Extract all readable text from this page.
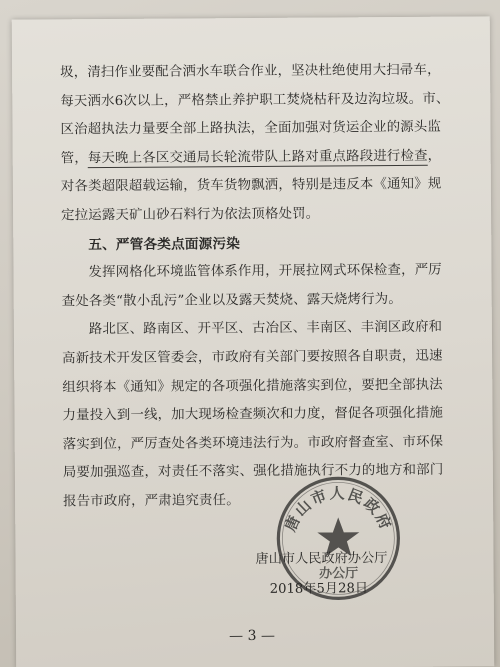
圾，清扫作业要配合洒水车联合作业，坚决杜绝使用大扫帚车，
每天洒水6次以上，严格禁止养护职工焚烧枯秆及边沟垃圾。市、
区治超执法力量要全部上路执法，全面加强对货运企业的源头监
管，每天晚上各区交通局长轮流带队上路对重点路段进行检查，
对各类超限超载运输，货车货物飘洒，特别是违反本《通知》规
定拉运露天矿山砂石料行为依法顶格处罚。
五、严管各类点面源污染
发挥网格化环境监管体系作用，开展拉网式环保检查，严厉
查处各类“散小乱污”企业以及露天焚烧、露天烧烤行为。
路北区、路南区、开平区、古冶区、丰南区、丰润区政府和
高新技术开发区管委会，市政府有关部门要按照各自职责，迅速
组织将本《通知》规定的各项强化措施落实到位，要把全部执法
力量投入到一线，加大现场检查频次和力度，督促各项强化措施
落实到位，严厉查处各类环境违法行为。市政府督查室、市环保
局要加强巡查，对责任不落实、强化措施执行不力的地方和部门
报告市政府，严肃追究责任。
唐山市人民政府
办公厅
唐山市人民政府办公厅
2018年5月28日
— 3 —
